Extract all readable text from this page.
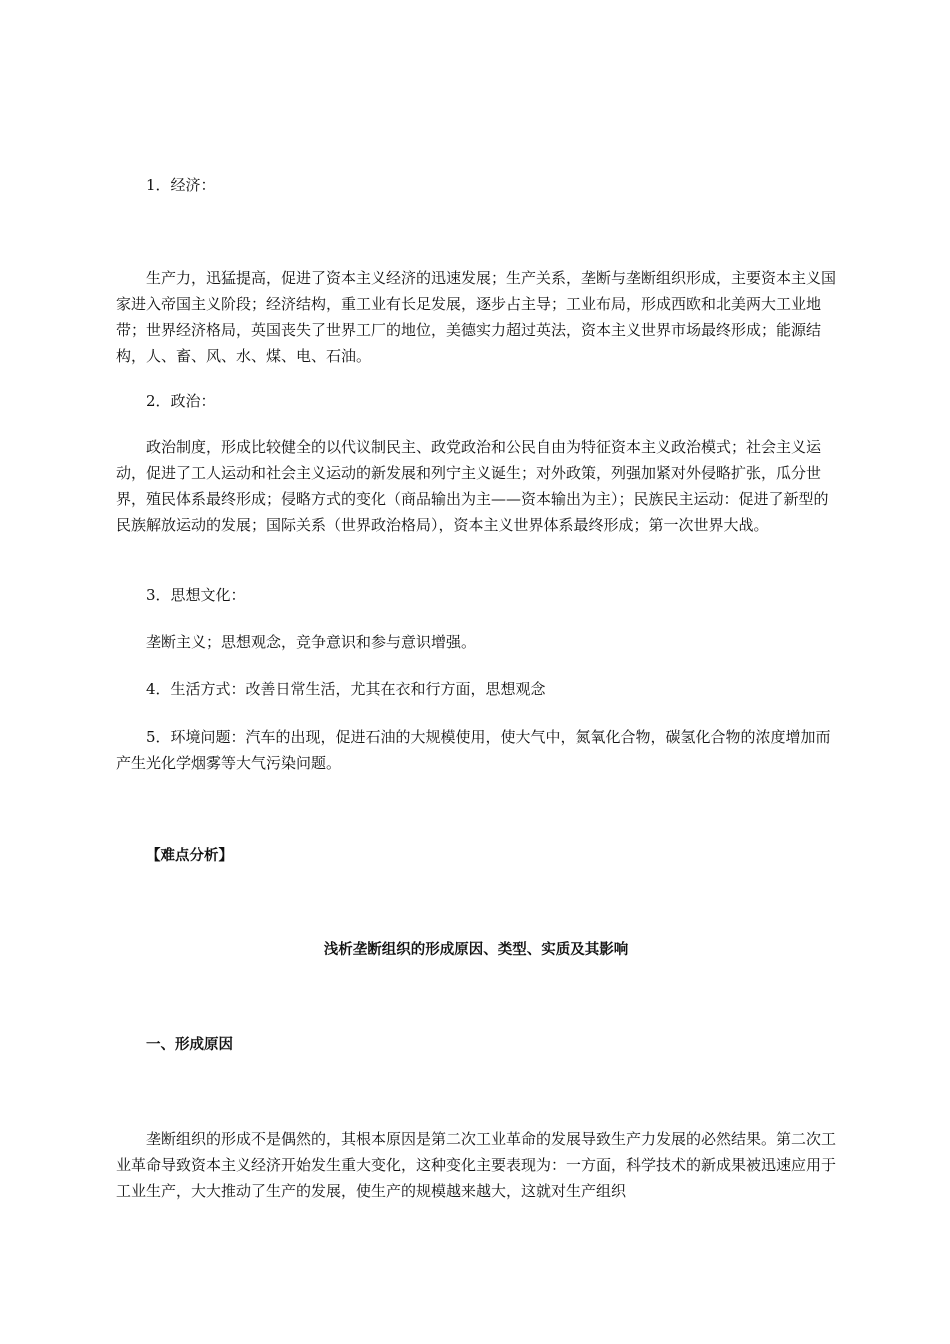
1．经济：

生产力，迅猛提高，促进了资本主义经济的迅速发展；生产关系，垄断与垄断组织形成，主要资本主义国家进入帝国主义阶段；经济结构，重工业有长足发展，逐步占主导；工业布局，形成西欧和北美两大工业地带；世界经济格局，英国丧失了世界工厂的地位，美德实力超过英法，资本主义世界市场最终形成；能源结构，人、畜、风、水、煤、电、石油。

2．政治：

政治制度，形成比较健全的以代议制民主、政党政治和公民自由为特征资本主义政治模式；社会主义运动，促进了工人运动和社会主义运动的新发展和列宁主义诞生；对外政策，列强加紧对外侵略扩张，瓜分世界，殖民体系最终形成；侵略方式的变化（商品输出为主——资本输出为主）；民族民主运动：促进了新型的民族解放运动的发展；国际关系（世界政治格局），资本主义世界体系最终形成；第一次世界大战。

3．思想文化：

垄断主义；思想观念，竞争意识和参与意识增强。

4．生活方式：改善日常生活，尤其在衣和行方面，思想观念

5．环境问题：汽车的出现，促进石油的大规模使用，使大气中，氮氧化合物，碳氢化合物的浓度增加而产生光化学烟雾等大气污染问题。

【难点分析】

浅析垄断组织的形成原因、类型、实质及其影响

一、形成原因

垄断组织的形成不是偶然的，其根本原因是第二次工业革命的发展导致生产力发展的必然结果。第二次工业革命导致资本主义经济开始发生重大变化，这种变化主要表现为：一方面，科学技术的新成果被迅速应用于工业生产，大大推动了生产的发展，使生产的规模越来越大，这就对生产组织
